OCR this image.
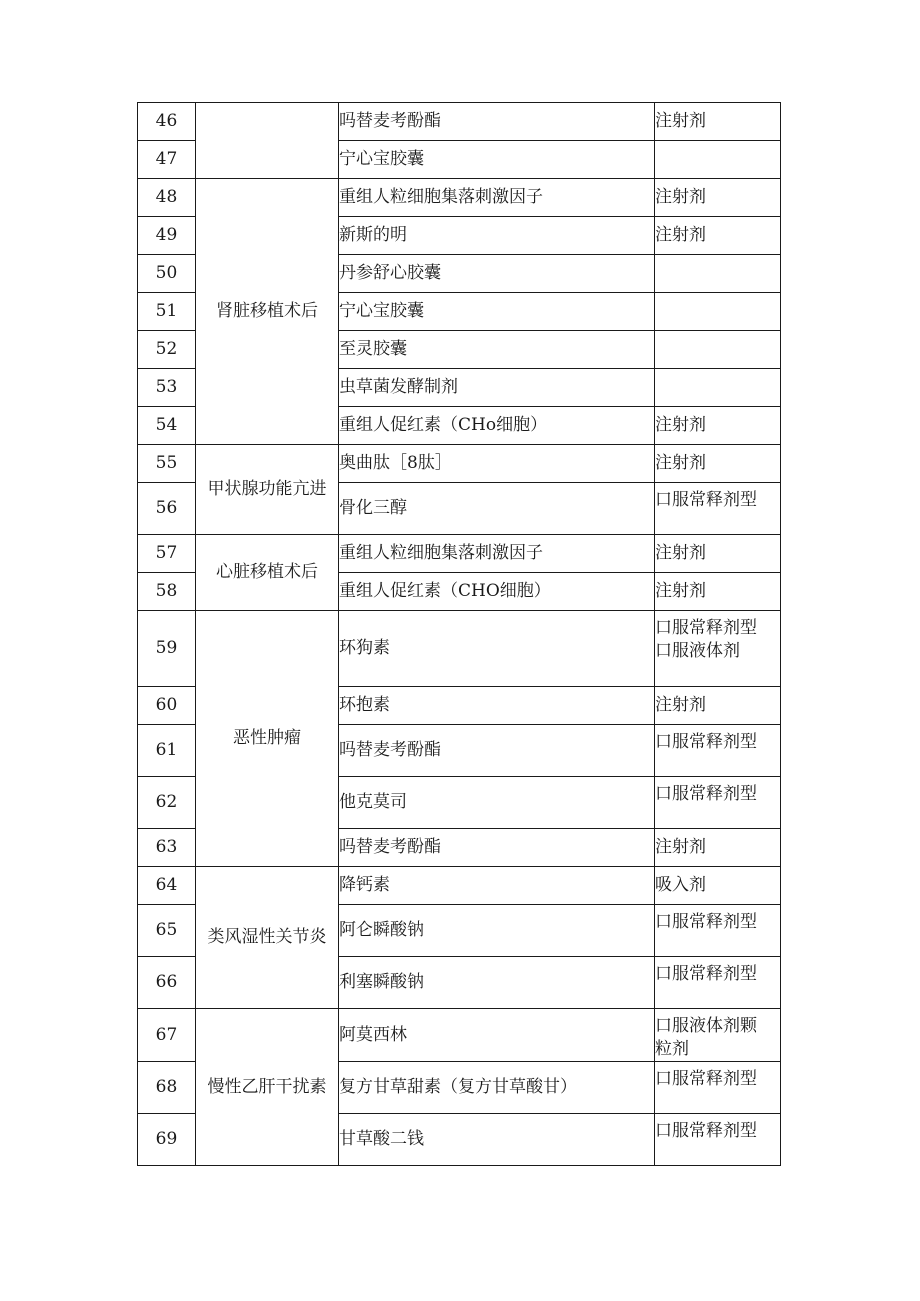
46		吗替麦考酚酯	注射剂

47		宁心宝胶囊	
48	肾脏移植术后	重组人粒细胞集落刺激因子	注射剂

49		新斯的明	注射剂

50		丹参舒心胶囊	
51		宁心宝胶囊	
52		至灵胶囊	
53		虫草菌发酵制剂	
54		重组人促红素（CHo细胞）	注射剂

55	甲状腺功能亢进	奥曲肽［8肽］	注射剂

56		骨化三醇	口服常释剂型

57	心脏移植术后	重组人粒细胞集落刺激因子	注射剂

58		重组人促红素（CHO细胞）	注射剂

59	恶性肿瘤	环狗素	口服常释剂型
口服液体剂

60		环抱素	注射剂

61		吗替麦考酚酯	口服常释剂型

62		他克莫司	口服常释剂型

63		吗替麦考酚酯	注射剂

64	类风湿性关节炎	降钙素	吸入剂

65		阿仑瞬酸钠	口服常释剂型

66		利塞瞬酸钠	口服常释剂型

67	慢性乙肝干扰素	阿莫西林	口服液体剂颗
粒剂

68		复方甘草甜素（复方甘草酸甘）	口服常释剂型

69		甘草酸二钱	口服常释剂型
